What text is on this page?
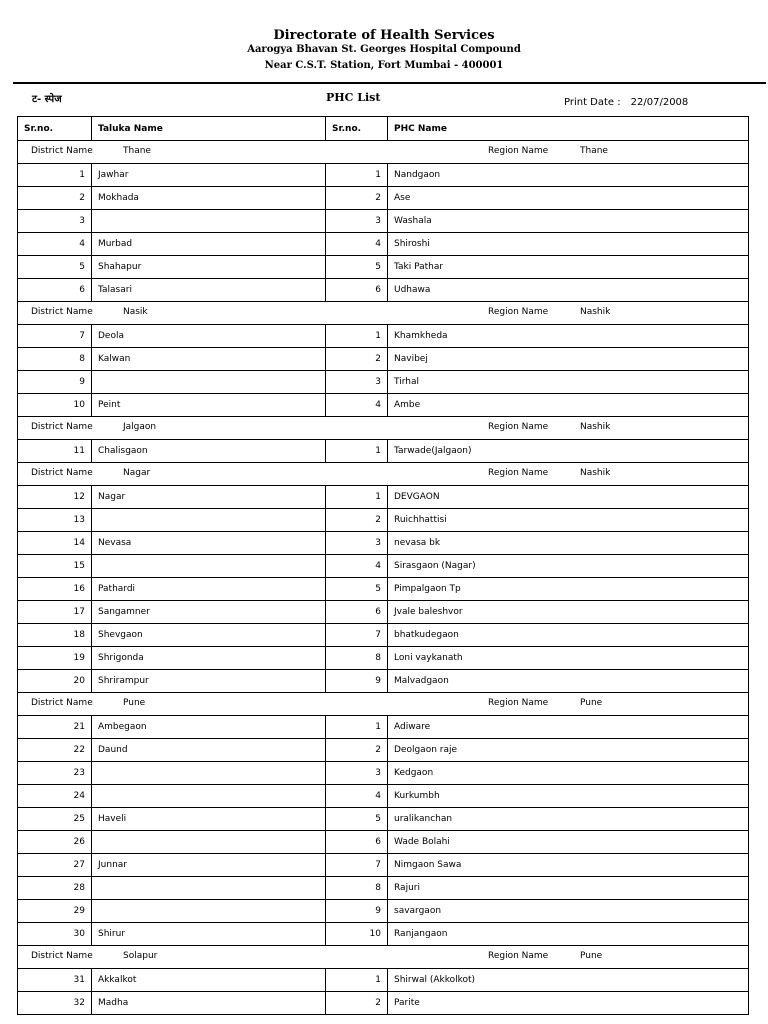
Directorate of Health Services
Aarogya Bhavan St. Georges Hospital Compound
Near C.S.T. Station, Fort Mumbai - 400001
ट- स्पेज	PHC List	Print Date : 22/07/2008
Sr.no.	Taluka Name	Sr.no.	PHC Name

District Name Thane Region Name Thane			

1	Jawhar	1	Nandgaon
2	Mokhada	2	Ase
3		3	Washala
4	Murbad	4	Shiroshi
5	Shahapur	5	Taki Pathar
6	Talasari	6	Udhawa

District Name Nasik Region Name Nashik			

7	Deola	1	Khamkheda
8	Kalwan	2	Navibej
9		3	Tirhal
10	Peint	4	Ambe

District Name Jalgaon Region Name Nashik			

11	Chalisgaon	1	Tarwade(Jalgaon)

District Name Nagar Region Name Nashik			

12	Nagar	1	DEVGAON
13		2	Ruichhattisi
14	Nevasa	3	nevasa bk
15		4	Sirasgaon (Nagar)
16	Pathardi	5	Pimpalgaon Tp
17	Sangamner	6	Jvale baleshvor
18	Shevgaon	7	bhatkudegaon
19	Shrigonda	8	Loni vaykanath
20	Shrirampur	9	Malvadgaon

District Name Pune Region Name Pune			

21	Ambegaon	1	Adiware
22	Daund	2	Deolgaon raje
23		3	Kedgaon
24		4	Kurkumbh
25	Haveli	5	uralikanchan
26		6	Wade Bolahi
27	Junnar	7	Nimgaon Sawa
28		8	Rajuri
29		9	savargaon
30	Shirur	10	Ranjangaon

District Name Solapur Region Name Pune			

31	Akkalkot	1	Shirwal (Akkolkot)
32	Madha	2	Parite
